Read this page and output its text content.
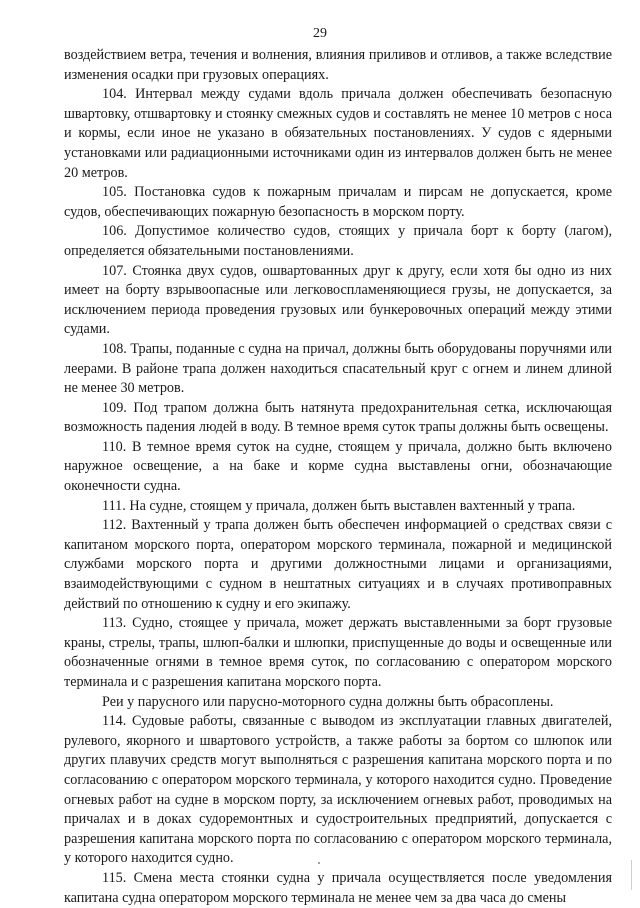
29

воздействием ветра, течения и волнения, влияния приливов и отливов, а также вследствие изменения осадки при грузовых операциях.

104. Интервал между судами вдоль причала должен обеспечивать безопасную швартовку, отшвартовку и стоянку смежных судов и составлять не менее 10 метров с носа и кормы, если иное не указано в обязательных постановлениях. У судов с ядерными установками или радиационными источниками один из интервалов должен быть не менее 20 метров.

105. Постановка судов к пожарным причалам и пирсам не допускается, кроме судов, обеспечивающих пожарную безопасность в морском порту.

106. Допустимое количество судов, стоящих у причала борт к борту (лагом), определяется обязательными постановлениями.

107. Стоянка двух судов, ошвартованных друг к другу, если хотя бы одно из них имеет на борту взрывоопасные или легковоспламеняющиеся грузы, не допускается, за исключением периода проведения грузовых или бункеровочных операций между этими судами.

108. Трапы, поданные с судна на причал, должны быть оборудованы поручнями или леерами. В районе трапа должен находиться спасательный круг с огнем и линем длиной не менее 30 метров.

109. Под трапом должна быть натянута предохранительная сетка, исключающая возможность падения людей в воду. В темное время суток трапы должны быть освещены.

110. В темное время суток на судне, стоящем у причала, должно быть включено наружное освещение, а на баке и корме судна выставлены огни, обозначающие оконечности судна.

111. На судне, стоящем у причала, должен быть выставлен вахтенный у трапа.

112. Вахтенный у трапа должен быть обеспечен информацией о средствах связи с капитаном морского порта, оператором морского терминала, пожарной и медицинской службами морского порта и другими должностными лицами и организациями, взаимодействующими с судном в нештатных ситуациях и в случаях противоправных действий по отношению к судну и его экипажу.

113. Судно, стоящее у причала, может держать выставленными за борт грузовые краны, стрелы, трапы, шлюп-балки и шлюпки, приспущенные до воды и освещенные или обозначенные огнями в темное время суток, по согласованию с оператором морского терминала и с разрешения капитана морского порта.

Реи у парусного или парусно-моторного судна должны быть обрасоплены.

114. Судовые работы, связанные с выводом из эксплуатации главных двигателей, рулевого, якорного и швартового устройств, а также работы за бортом со шлюпок или других плавучих средств могут выполняться с разрешения капитана морского порта и по согласованию с оператором морского терминала, у которого находится судно. Проведение огневых работ на судне в морском порту, за исключением огневых работ, проводимых на причалах и в доках судоремонтных и судостроительных предприятий, допускается с разрешения капитана морского порта по согласованию с оператором морского терминала, у которого находится судно.

115. Смена места стоянки судна у причала осуществляется после уведомления капитана судна оператором морского терминала не менее чем за два часа до смены
